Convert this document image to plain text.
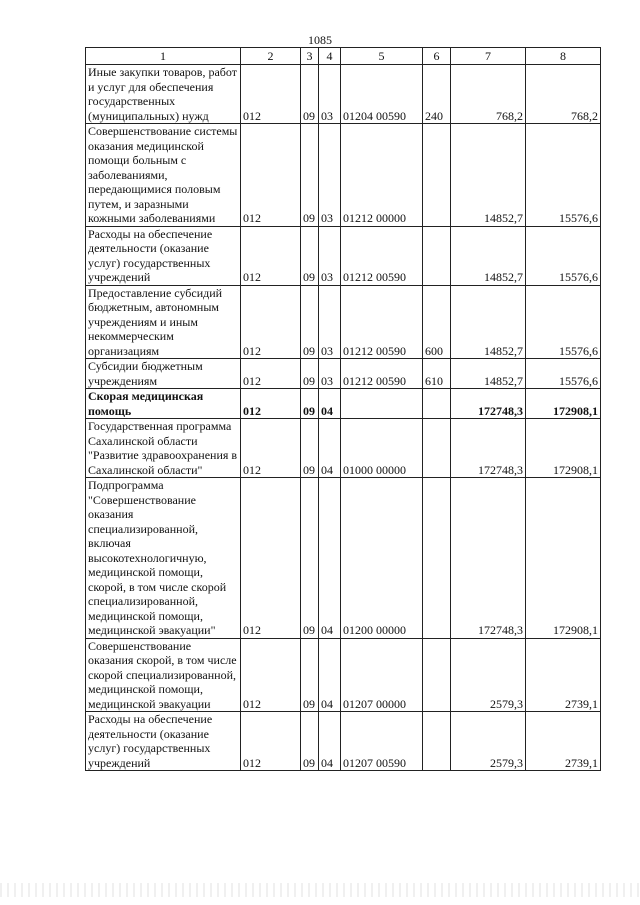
1085
1	2	3	4	5	6	7	8
Иные закупки товаров, работ и услуг для обеспечения государственных (муниципальных) нужд	012	09	03	01204 00590	240	768,2	768,2
Совершенствование системы оказания медицинской помощи больным с заболеваниями, передающимися половым путем, и заразными кожными заболеваниями	012	09	03	01212 00000		14852,7	15576,6
Расходы на обеспечение деятельности (оказание услуг) государственных учреждений	012	09	03	01212 00590		14852,7	15576,6
Предоставление субсидий бюджетным, автономным учреждениям и иным некоммерческим организациям	012	09	03	01212 00590	600	14852,7	15576,6
Субсидии бюджетным учреждениям	012	09	03	01212 00590	610	14852,7	15576,6
Скорая медицинская помощь	012	09	04			172748,3	172908,1
Государственная программа Сахалинской области "Развитие здравоохранения в Сахалинской области"	012	09	04	01000 00000		172748,3	172908,1
Подпрограмма "Совершенствование оказания специализированной, включая высокотехнологичную, медицинской помощи, скорой, в том числе скорой специализированной, медицинской помощи, медицинской эвакуации"	012	09	04	01200 00000		172748,3	172908,1
Совершенствование оказания скорой, в том числе скорой специализированной, медицинской помощи, медицинской эвакуации	012	09	04	01207 00000		2579,3	2739,1
Расходы на обеспечение деятельности (оказание услуг) государственных учреждений	012	09	04	01207 00590		2579,3	2739,1
